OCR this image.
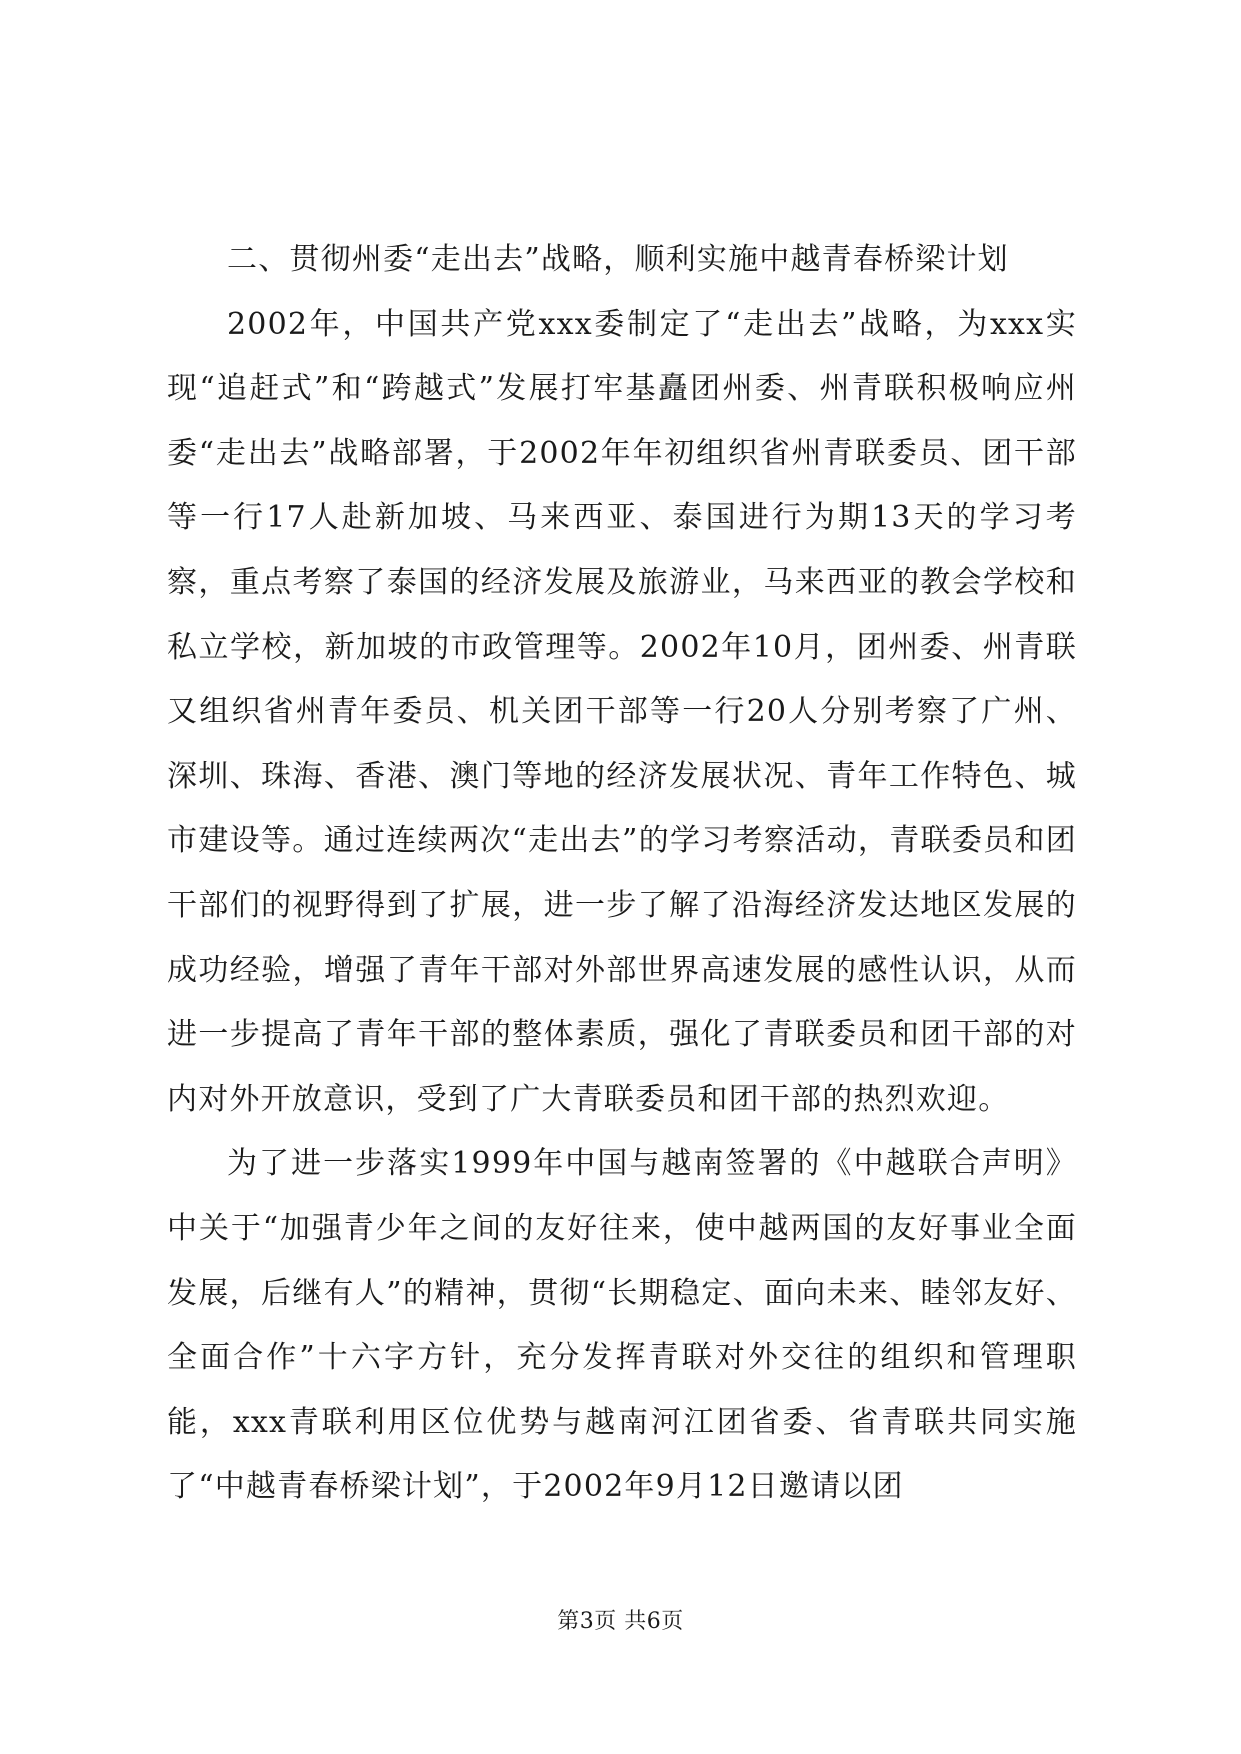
二、贯彻州委“走出去”战略，顺利实施中越青春桥梁计划

2002年，中国共产党xxx委制定了“走出去”战略，为xxx实现“追赶式”和“跨越式”发展打牢基矗团州委、州青联积极响应州委“走出去”战略部署，于2002年年初组织省州青联委员、团干部等一行17人赴新加坡、马来西亚、泰国进行为期13天的学习考察，重点考察了泰国的经济发展及旅游业，马来西亚的教会学校和私立学校，新加坡的市政管理等。2002年10月，团州委、州青联又组织省州青年委员、机关团干部等一行20人分别考察了广州、深圳、珠海、香港、澳门等地的经济发展状况、青年工作特色、城市建设等。通过连续两次“走出去”的学习考察活动，青联委员和团干部们的视野得到了扩展，进一步了解了沿海经济发达地区发展的成功经验，增强了青年干部对外部世界高速发展的感性认识，从而进一步提高了青年干部的整体素质，强化了青联委员和团干部的对内对外开放意识，受到了广大青联委员和团干部的热烈欢迎。

为了进一步落实1999年中国与越南签署的《中越联合声明》中关于“加强青少年之间的友好往来，使中越两国的友好事业全面发展，后继有人”的精神，贯彻“长期稳定、面向未来、睦邻友好、全面合作”十六字方针，充分发挥青联对外交往的组织和管理职能，xxx青联利用区位优势与越南河江团省委、省青联共同实施了“中越青春桥梁计划”，于2002年9月12日邀请以团

第3页 共6页
